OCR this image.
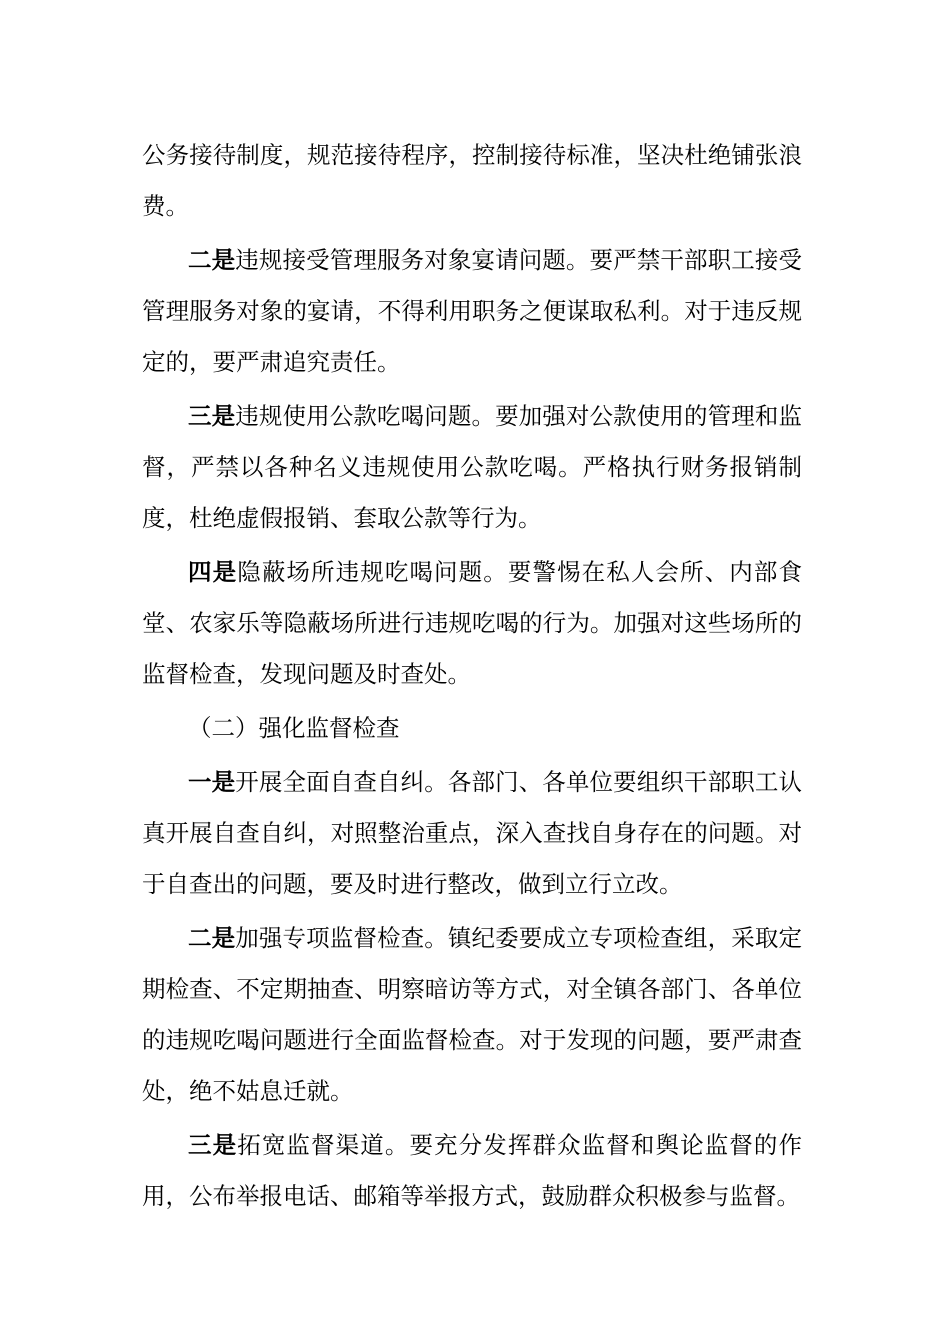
公务接待制度，规范接待程序，控制接待标准，坚决杜绝铺张浪费。

二是违规接受管理服务对象宴请问题。要严禁干部职工接受管理服务对象的宴请，不得利用职务之便谋取私利。对于违反规定的，要严肃追究责任。

三是违规使用公款吃喝问题。要加强对公款使用的管理和监督，严禁以各种名义违规使用公款吃喝。严格执行财务报销制度，杜绝虚假报销、套取公款等行为。

四是隐蔽场所违规吃喝问题。要警惕在私人会所、内部食堂、农家乐等隐蔽场所进行违规吃喝的行为。加强对这些场所的监督检查，发现问题及时查处。

（二）强化监督检查

一是开展全面自查自纠。各部门、各单位要组织干部职工认真开展自查自纠，对照整治重点，深入查找自身存在的问题。对于自查出的问题，要及时进行整改，做到立行立改。

二是加强专项监督检查。镇纪委要成立专项检查组，采取定期检查、不定期抽查、明察暗访等方式，对全镇各部门、各单位的违规吃喝问题进行全面监督检查。对于发现的问题，要严肃查处，绝不姑息迁就。

三是拓宽监督渠道。要充分发挥群众监督和舆论监督的作用，公布举报电话、邮箱等举报方式，鼓励群众积极参与监督。
